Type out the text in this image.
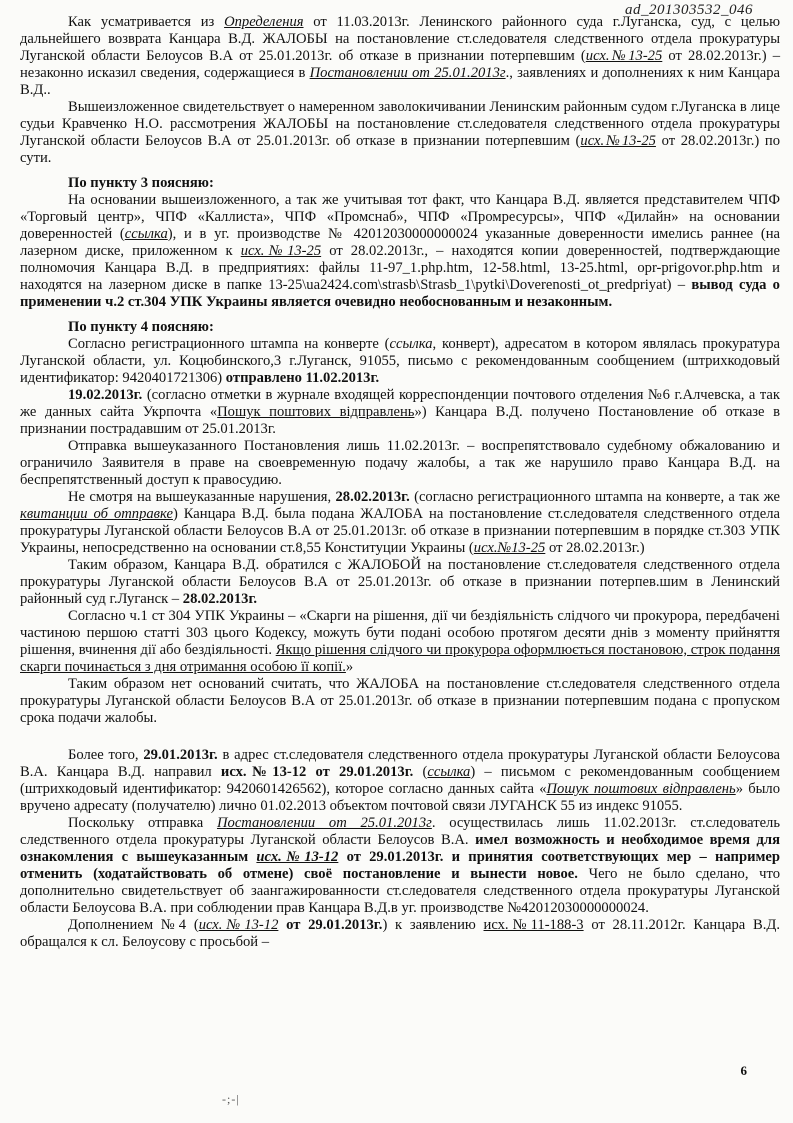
ad_201303532_046

Как усматривается из Определения от 11.03.2013г. Ленинского районного суда г.Луганска, суд, с целью дальнейшего возврата Канцара В.Д. ЖАЛОБЫ на постановление ст.следователя следственного отдела прокуратуры Луганской области Белоусов В.А от 25.01.2013г. об отказе в признании потерпевшим (исх.№13-25 от 28.02.2013г.) – незаконно исказил сведения, содержащиеся в Постановлении от 25.01.2013г., заявлениях и дополнениях к ним Канцара В.Д..

Вышеизложенное свидетельствует о намеренном заволокичивании Ленинским районным судом г.Луганска в лице судьи Кравченко Н.О. рассмотрения ЖАЛОБЫ на постановление ст.следователя следственного отдела прокуратуры Луганской области Белоусов В.А от 25.01.2013г. об отказе в признании потерпевшим (исх.№13-25 от 28.02.2013г.) по сути.

По пункту 3 поясняю:

На основании вышеизложенного, а так же учитывая тот факт, что Канцара В.Д. является представителем ЧПФ «Торговый центр», ЧПФ «Каллиста», ЧПФ «Промснаб», ЧПФ «Промресурсы», ЧПФ «Дилайн» на основании доверенностей (ссылка), и в уг. производстве № 42012030000000024 указанные доверенности имелись раннее (на лазерном диске, приложенном к исх.№13-25 от 28.02.2013г., – находятся копии доверенностей, подтверждающие полномочия Канцара В.Д. в предприятиях: файлы 11-97_1.php.htm, 12-58.html, 13-25.html, opr-prigovor.php.htm и находятся на лазерном диске в папке 13-25\ua2424.com\strasb\Strasb_1\pytki\Doverenosti_ot_predpriyat) – вывод суда о применении ч.2 ст.304 УПК Украины является очевидно необоснованным и незаконным.

По пункту 4 поясняю:

Согласно регистрационного штампа на конверте (ссылка, конверт), адресатом в котором являлась прокуратура Луганской области, ул. Коцюбинского,3 г.Луганск, 91055, письмо с рекомендованным сообщением (штрихкодовый идентификатор: 9420401721306) отправлено 11.02.2013г.

19.02.2013г. (согласно отметки в журнале входящей корреспонденции почтового отделения №6 г.Алчевска, а так же данных сайта Укрпочта «Пошук поштових відправлень») Канцара В.Д. получено Постановление об отказе в признании пострадавшим от 25.01.2013г.

Отправка вышеуказанного Постановления лишь 11.02.2013г. – воспрепятствовало судебному обжалованию и ограничило Заявителя в праве на своевременную подачу жалобы, а так же нарушило право Канцара В.Д. на беспрепятственный доступ к правосудию.

Не смотря на вышеуказанные нарушения, 28.02.2013г. (согласно регистрационного штампа на конверте, а так же квитанции об отправке) Канцара В.Д. была подана ЖАЛОБА на постановление ст.следователя следственного отдела прокуратуры Луганской области Белоусов В.А от 25.01.2013г. об отказе в признании потерпевшим в порядке ст.303 УПК Украины, непосредственно на основании ст.8,55 Конституции Украины (исх.№13-25 от 28.02.2013г.)

Таким образом, Канцара В.Д. обратился с ЖАЛОБОЙ на постановление ст.следователя следственного отдела прокуратуры Луганской области Белоусов В.А от 25.01.2013г. об отказе в признании потерпев.шим в Ленинский районный суд г.Луганск – 28.02.2013г.

Согласно ч.1 ст 304 УПК Украины – «Скарги на рішення, дії чи бездіяльність слідчого чи прокурора, передбачені частиною першою статті 303 цього Кодексу, можуть бути подані особою протягом десяти днів з моменту прийняття рішення, вчинення дії або бездіяльності. Якщо рішення слідчого чи прокурора оформлюється постановою, строк подання скарги починається з дня отримання особою її копії.»

Таким образом нет оснований считать, что ЖАЛОБА на постановление ст.следователя следственного отдела прокуратуры Луганской области Белоусов В.А от 25.01.2013г. об отказе в признании потерпевшим подана с пропуском срока подачи жалобы.

Более того, 29.01.2013г. в адрес ст.следователя следственного отдела прокуратуры Луганской области Белоусова В.А. Канцара В.Д. направил исх.№13-12 от 29.01.2013г. (ссылка) – письмом с рекомендованным сообщением (штрихкодовый идентификатор: 9420601426562), которое согласно данных сайта «Пошук поштових відправлень» было вручено адресату (получателю) лично 01.02.2013 объектом почтовой связи ЛУГАНСК 55 из индекс 91055.

Поскольку отправка Постановлении от 25.01.2013г. осуществилась лишь 11.02.2013г. ст.следователь следственного отдела прокуратуры Луганской области Белоусов В.А. имел возможность и необходимое время для ознакомления с вышеуказанным исх.№13-12 от 29.01.2013г. и принятия соответствующих мер – например отменить (ходатайствовать об отмене) своё постановление и вынести новое. Чего не было сделано, что дополнительно свидетельствует об заангажированности ст.следователя следственного отдела прокуратуры Луганской области Белоусова В.А. при соблюдении прав Канцара В.Д.в уг. производстве №42012030000000024.

Дополнением №4 (исх.№13-12 от 29.01.2013г.) к заявлению исх.№11-188-3 от 28.11.2012г. Канцара В.Д. обращался к сл. Белоусову с просьбой –

-;-|
6
